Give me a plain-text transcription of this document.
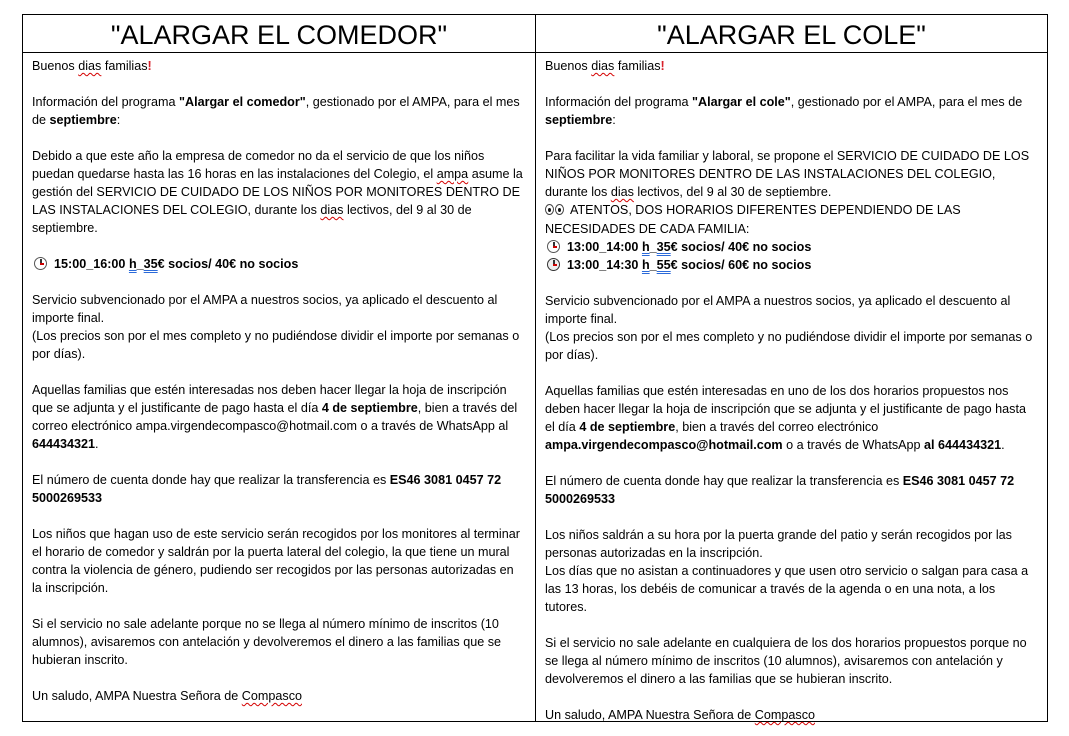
"ALARGAR EL COMEDOR"

Buenos dias familias!

Información del programa "Alargar el comedor", gestionado por el AMPA, para el mes de septiembre:

Debido a que este año la empresa de comedor no da el servicio de que los niños puedan quedarse hasta las 16 horas en las instalaciones del Colegio, el ampa asume la gestión del SERVICIO DE CUIDADO DE LOS NIÑOS POR MONITORES DENTRO DE LAS INSTALACIONES DEL COLEGIO, durante los dias lectivos, del 9 al 30 de septiembre.

15:00_16:00 h_35€ socios/ 40€ no socios

Servicio subvencionado por el AMPA a nuestros socios, ya aplicado el descuento al importe final.

(Los precios son por el mes completo y no pudiéndose dividir el importe por semanas o por días).

Aquellas familias que estén interesadas nos deben hacer llegar la hoja de inscripción que se adjunta y el justificante de pago hasta el día 4 de septiembre, bien a través del correo electrónico ampa.virgendecompasco@hotmail.com o a través de WhatsApp al 644434321.

El número de cuenta donde hay que realizar la transferencia es ES46 3081 0457 72 5000269533

Los niños que hagan uso de este servicio serán recogidos por los monitores al terminar el horario de comedor y saldrán por la puerta lateral del colegio, la que tiene un mural contra la violencia de género, pudiendo ser recogidos por las personas autorizadas en la inscripción.

Si el servicio no sale adelante porque no se llega al número mínimo de inscritos (10 alumnos), avisaremos con antelación y devolveremos el dinero a las familias que se hubieran inscrito.

Un saludo, AMPA Nuestra Señora de Compasco

"ALARGAR EL COLE"

Buenos dias familias!

Información del programa "Alargar el cole", gestionado por el AMPA, para el mes de septiembre:

Para facilitar la vida familiar y laboral, se propone el SERVICIO DE CUIDADO DE LOS NIÑOS POR MONITORES DENTRO DE LAS INSTALACIONES DEL COLEGIO, durante los dias lectivos, del 9 al 30 de septiembre.

ATENTOS, DOS HORARIOS DIFERENTES DEPENDIENDO DE LAS NECESIDADES DE CADA FAMILIA:

13:00_14:00 h_35€ socios/ 40€ no socios

13:00_14:30 h_55€ socios/ 60€ no socios

Servicio subvencionado por el AMPA a nuestros socios, ya aplicado el descuento al importe final.

(Los precios son por el mes completo y no pudiéndose dividir el importe por semanas o por días).

Aquellas familias que estén interesadas en uno de los dos horarios propuestos nos deben hacer llegar la hoja de inscripción que se adjunta y el justificante de pago hasta el día 4 de septiembre, bien a través del correo electrónico ampa.virgendecompasco@hotmail.com o a través de WhatsApp al 644434321.

El número de cuenta donde hay que realizar la transferencia es ES46 3081 0457 72 5000269533

Los niños saldrán a su hora por la puerta grande del patio y serán recogidos por las personas autorizadas en la inscripción.

Los días que no asistan a continuadores y que usen otro servicio o salgan para casa a las 13 horas, los debéis de comunicar a través de la agenda o en una nota, a los tutores.

Si el servicio no sale adelante en cualquiera de los dos horarios propuestos porque no se llega al número mínimo de inscritos (10 alumnos), avisaremos con antelación y devolveremos el dinero a las familias que se hubieran inscrito.

Un saludo, AMPA Nuestra Señora de Compasco
